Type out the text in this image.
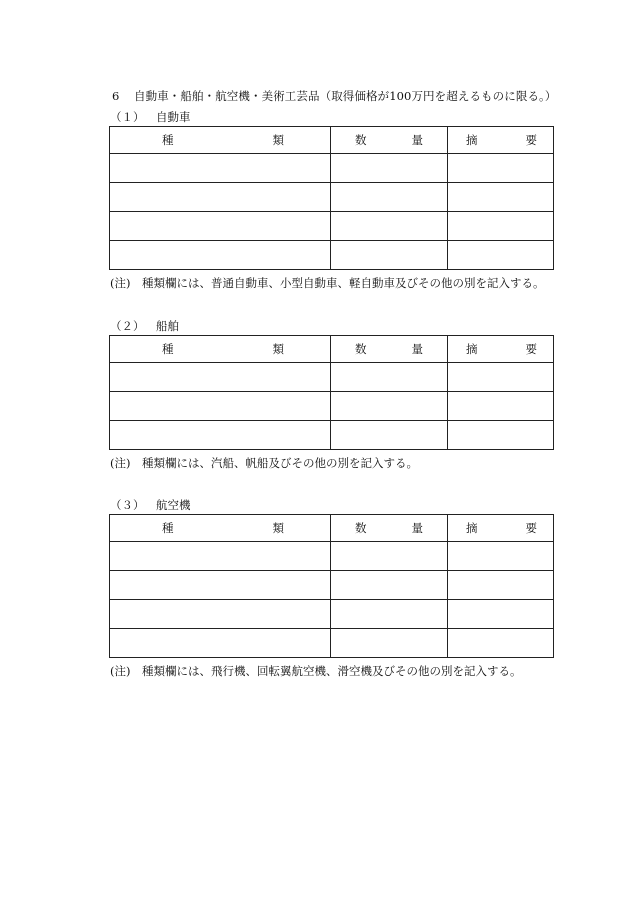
6 自動車・船舶・航空機・美術工芸品（取得価格が100万円を超えるものに限る。）
（１） 自動車
種 類	数 量	摘 要

(注) 種類欄には、普通自動車、小型自動車、軽自動車及びその他の別を記入する。
（２） 船舶
種 類	数 量	摘 要

(注) 種類欄には、汽船、帆船及びその他の別を記入する。
（３） 航空機
種 類	数 量	摘 要

(注) 種類欄には、飛行機、回転翼航空機、滑空機及びその他の別を記入する。
